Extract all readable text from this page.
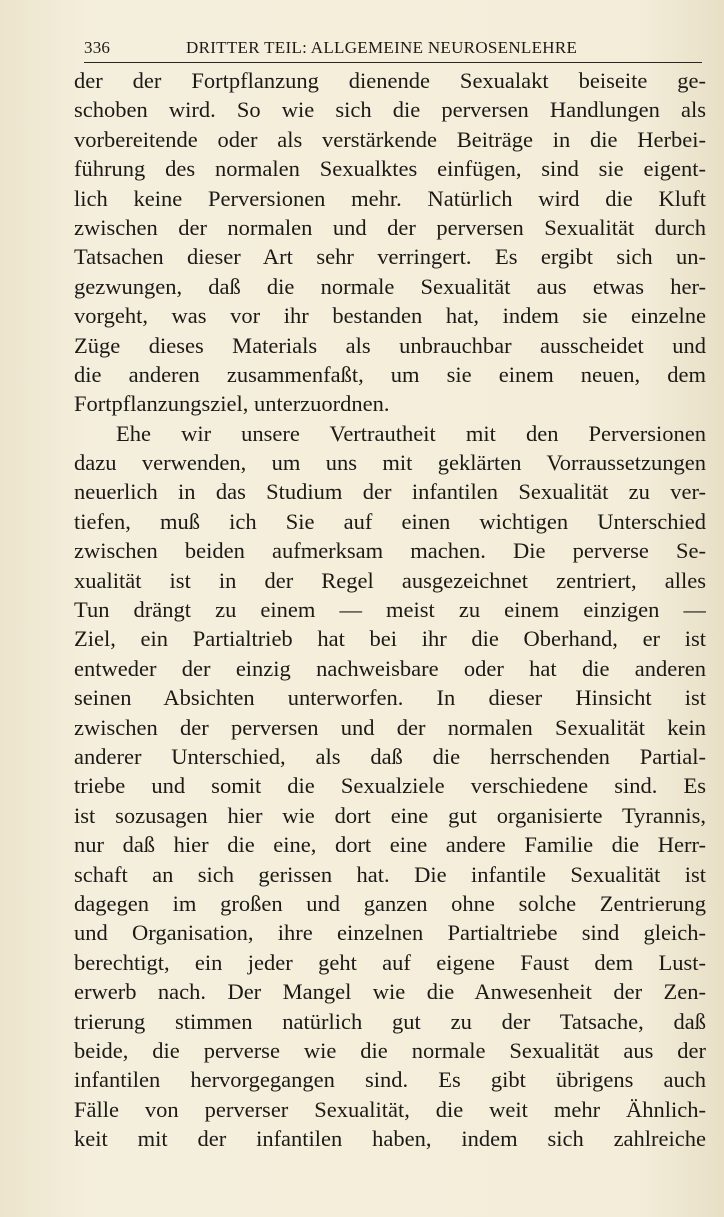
336	DRITTER TEIL: ALLGEMEINE NEUROSENLEHRE
der der Fortpflanzung dienende Sexualakt beiseite ge-
schoben wird. So wie sich die perversen Handlungen als
vorbereitende oder als verstärkende Beiträge in die Herbei-
führung des normalen Sexualktes einfügen, sind sie eigent-
lich keine Perversionen mehr. Natürlich wird die Kluft
zwischen der normalen und der perversen Sexualität durch
Tatsachen dieser Art sehr verringert. Es ergibt sich un-
gezwungen, daß die normale Sexualität aus etwas her-
vorgeht, was vor ihr bestanden hat, indem sie einzelne
Züge dieses Materials als unbrauchbar ausscheidet und
die anderen zusammenfaßt, um sie einem neuen, dem
Fortpflanzungsziel, unterzuordnen.
Ehe wir unsere Vertrautheit mit den Perversionen
dazu verwenden, um uns mit geklärten Vorraussetzungen
neuerlich in das Studium der infantilen Sexualität zu ver-
tiefen, muß ich Sie auf einen wichtigen Unterschied
zwischen beiden aufmerksam machen. Die perverse Se-
xualität ist in der Regel ausgezeichnet zentriert, alles
Tun drängt zu einem — meist zu einem einzigen —
Ziel, ein Partialtrieb hat bei ihr die Oberhand, er ist
entweder der einzig nachweisbare oder hat die anderen
seinen Absichten unterworfen. In dieser Hinsicht ist
zwischen der perversen und der normalen Sexualität kein
anderer Unterschied, als daß die herrschenden Partial-
triebe und somit die Sexualziele verschiedene sind. Es
ist sozusagen hier wie dort eine gut organisierte Tyrannis,
nur daß hier die eine, dort eine andere Familie die Herr-
schaft an sich gerissen hat. Die infantile Sexualität ist
dagegen im großen und ganzen ohne solche Zentrierung
und Organisation, ihre einzelnen Partialtriebe sind gleich-
berechtigt, ein jeder geht auf eigene Faust dem Lust-
erwerb nach. Der Mangel wie die Anwesenheit der Zen-
trierung stimmen natürlich gut zu der Tatsache, daß
beide, die perverse wie die normale Sexualität aus der
infantilen hervorgegangen sind. Es gibt übrigens auch
Fälle von perverser Sexualität, die weit mehr Ähnlich-
keit mit der infantilen haben, indem sich zahlreiche
